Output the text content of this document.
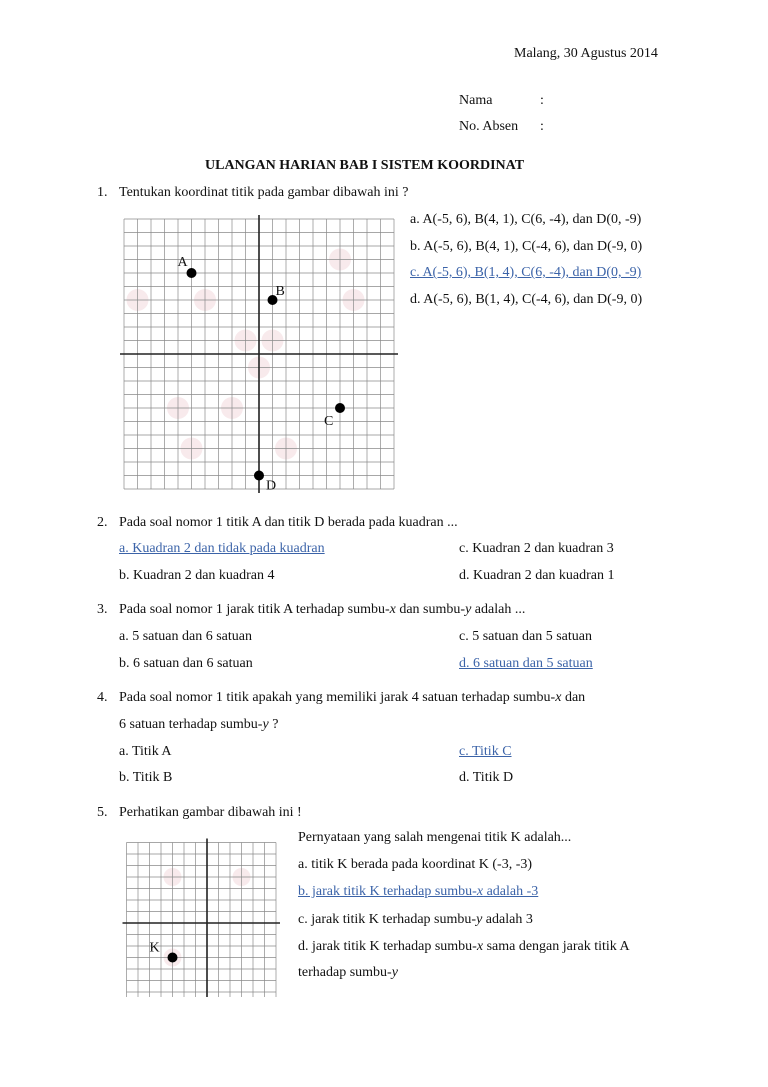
Malang, 30 Agustus 2014
Nama	:
No. Absen :
ULANGAN HARIAN BAB I SISTEM KOORDINAT
1. Tentukan koordinat titik pada gambar dibawah ini ?
a. A(-5, 6), B(4, 1), C(6, -4), dan D(0, -9)
b. A(-5, 6), B(4, 1), C(-4, 6), dan D(-9, 0)
c. A(-5, 6), B(1, 4), C(6, -4), dan D(0, -9)
d. A(-5, 6), B(1, 4), C(-4, 6), dan D(-9, 0)
A
B
C
D
2. Pada soal nomor 1 titik A dan titik D berada pada kuadran ...
a. Kuadran 2 dan tidak pada kuadran	c. Kuadran 2 dan kuadran 3
b. Kuadran 2 dan kuadran 4	d. Kuadran 2 dan kuadran 1
3. Pada soal nomor 1 jarak titik A terhadap sumbu-x dan sumbu-y adalah ...
a. 5 satuan dan 6 satuan	c. 5 satuan dan 5 satuan
b. 6 satuan dan 6 satuan	d. 6 satuan dan 5 satuan
4. Pada soal nomor 1 titik apakah yang memiliki jarak 4 satuan terhadap sumbu-x dan
6 satuan terhadap sumbu-y ?
a. Titik A	c. Titik C
b. Titik B	d. Titik D
5. Perhatikan gambar dibawah ini !
Pernyataan yang salah mengenai titik K adalah...
a. titik K berada pada koordinat K (-3, -3)
b. jarak titik K terhadap sumbu-x adalah -3
c. jarak titik K terhadap sumbu-y adalah 3
d. jarak titik K terhadap sumbu-x sama dengan jarak titik A
terhadap sumbu-y
K
